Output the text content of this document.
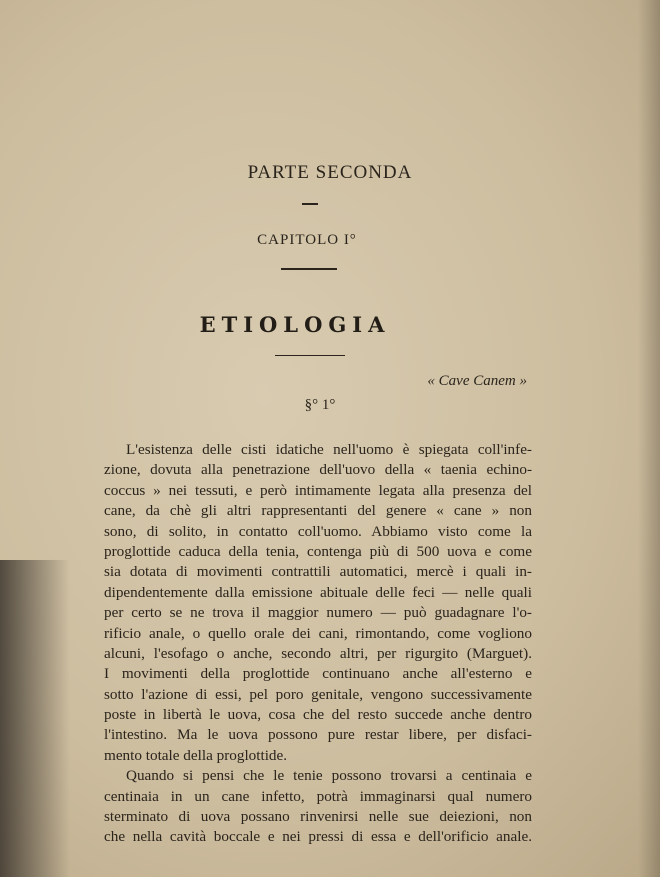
PARTE SECONDA
CAPITOLO I°
ETIOLOGIA
« Cave Canem »
§° 1°
L'esistenza delle cisti idatiche nell'uomo è spiegata coll'infe-
zione, dovuta alla penetrazione dell'uovo della « taenia echino-
coccus » nei tessuti, e però intimamente legata alla presenza del
cane, da chè gli altri rappresentanti del genere « cane » non
sono, di solito, in contatto coll'uomo. Abbiamo visto come la
proglottide caduca della tenia, contenga più di 500 uova e come
sia dotata di movimenti contrattili automatici, mercè i quali in-
dipendentemente dalla emissione abituale delle feci — nelle quali
per certo se ne trova il maggior numero — può guadagnare l'o-
rificio anale, o quello orale dei cani, rimontando, come vogliono
alcuni, l'esofago o anche, secondo altri, per rigurgito (Marguet).
I movimenti della proglottide continuano anche all'esterno e
sotto l'azione di essi, pel poro genitale, vengono successivamente
poste in libertà le uova, cosa che del resto succede anche dentro
l'intestino. Ma le uova possono pure restar libere, per disfaci-
mento totale della proglottide.
Quando si pensi che le tenie possono trovarsi a centinaia e
centinaia in un cane infetto, potrà immaginarsi qual numero
sterminato di uova possano rinvenirsi nelle sue deiezioni, non
che nella cavità boccale e nei pressi di essa e dell'orificio anale.
